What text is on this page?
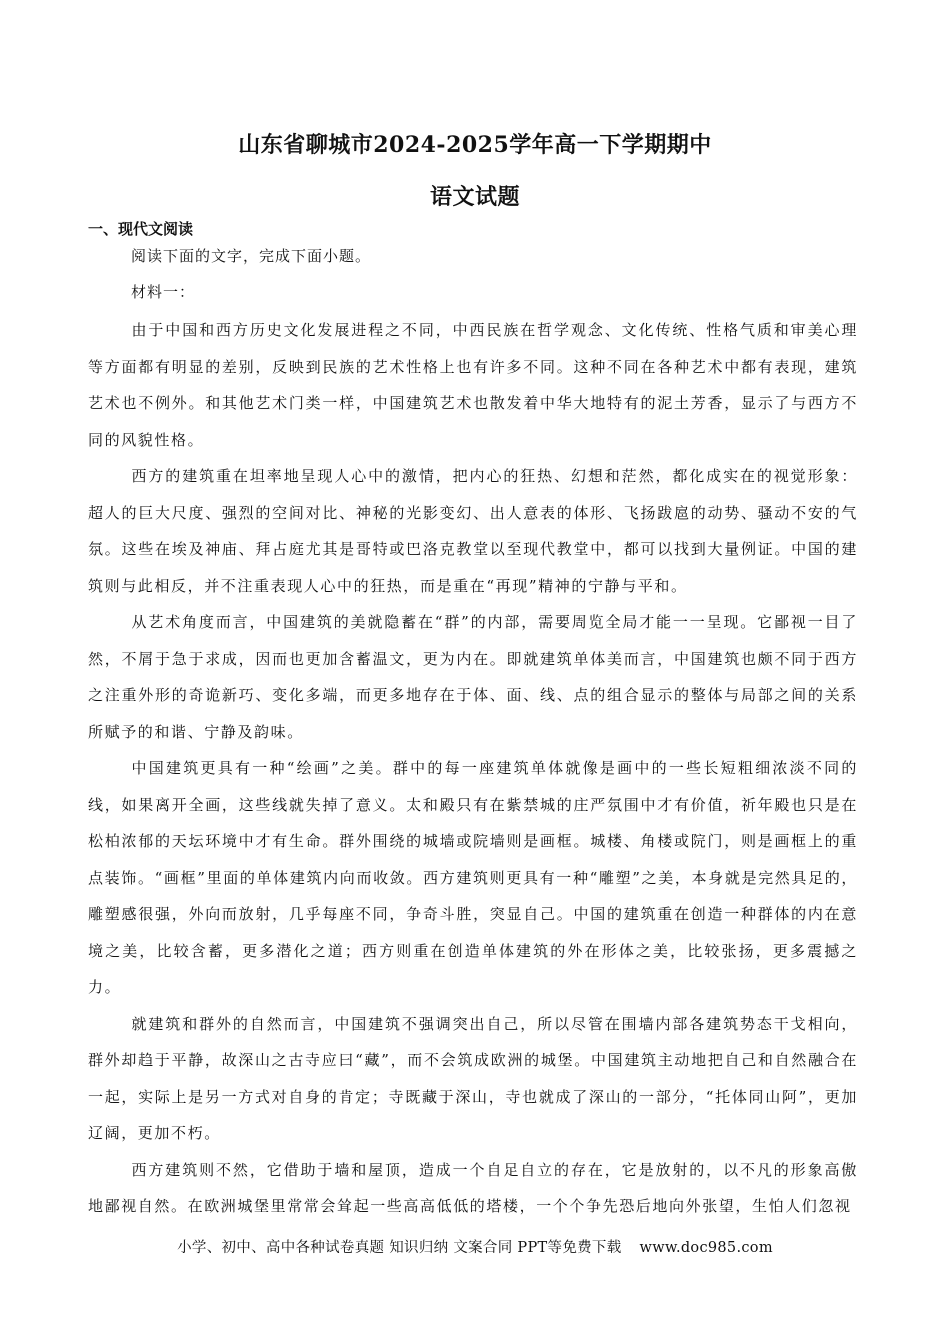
山东省聊城市2024-2025学年高一下学期期中
语文试题
一、现代文阅读
阅读下面的文字，完成下面小题。
材料一：

由于中国和西方历史文化发展进程之不同，中西民族在哲学观念、文化传统、性格气质和审美心理等方面都有明显的差别，反映到民族的艺术性格上也有许多不同。这种不同在各种艺术中都有表现，建筑艺术也不例外。和其他艺术门类一样，中国建筑艺术也散发着中华大地特有的泥土芳香，显示了与西方不同的风貌性格。

西方的建筑重在坦率地呈现人心中的激情，把内心的狂热、幻想和茫然，都化成实在的视觉形象：超人的巨大尺度、强烈的空间对比、神秘的光影变幻、出人意表的体形、飞扬跋扈的动势、骚动不安的气氛。这些在埃及神庙、拜占庭尤其是哥特或巴洛克教堂以至现代教堂中，都可以找到大量例证。中国的建筑则与此相反，并不注重表现人心中的狂热，而是重在“再现”精神的宁静与平和。

从艺术角度而言，中国建筑的美就隐蓄在“群”的内部，需要周览全局才能一一呈现。它鄙视一目了然，不屑于急于求成，因而也更加含蓄温文，更为内在。即就建筑单体美而言，中国建筑也颇不同于西方之注重外形的奇诡新巧、变化多端，而更多地存在于体、面、线、点的组合显示的整体与局部之间的关系所赋予的和谐、宁静及韵味。

中国建筑更具有一种“绘画”之美。群中的每一座建筑单体就像是画中的一些长短粗细浓淡不同的线，如果离开全画，这些线就失掉了意义。太和殿只有在紫禁城的庄严氛围中才有价值，祈年殿也只是在松柏浓郁的天坛环境中才有生命。群外围绕的城墙或院墙则是画框。城楼、角楼或院门，则是画框上的重点装饰。“画框”里面的单体建筑内向而收敛。西方建筑则更具有一种“雕塑”之美，本身就是完然具足的，雕塑感很强，外向而放射，几乎每座不同，争奇斗胜，突显自己。中国的建筑重在创造一种群体的内在意境之美，比较含蓄，更多潜化之道；西方则重在创造单体建筑的外在形体之美，比较张扬，更多震撼之力。

就建筑和群外的自然而言，中国建筑不强调突出自己，所以尽管在围墙内部各建筑势态干戈相向，群外却趋于平静，故深山之古寺应曰“藏”，而不会筑成欧洲的城堡。中国建筑主动地把自己和自然融合在一起，实际上是另一方式对自身的肯定；寺既藏于深山，寺也就成了深山的一部分，“托体同山阿”，更加辽阔，更加不朽。

西方建筑则不然，它借助于墙和屋顶，造成一个自足自立的存在，它是放射的，以不凡的形象高傲地鄙视自然。在欧洲城堡里常常会耸起一些高高低低的塔楼，一个个争先恐后地向外张望，生怕人们忽视

小学、初中、高中各种试卷真题 知识归纳 文案合同 PPT等免费下载 www.doc985.com
